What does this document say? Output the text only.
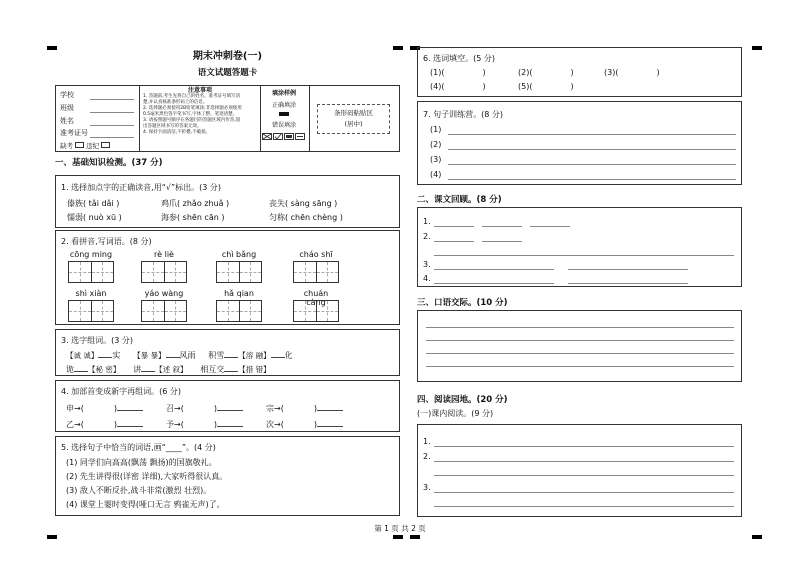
期末冲刺卷(一)
语文试题答题卡
学校
班级
姓名
准考证号
缺考 违纪
注意事项
1. 答题前,考生先将自己的姓名、准考证号填写清
楚,并认真核准条形码上的信息。
2. 选择题必须使用2B铅笔填涂;非选择题必须使用
0.5毫米黑色签字笔书写,字体工整、笔迹清楚。
3. 请按照题号顺序在各题目的答题区域内作答,超
出答题区域书写的答案无效。
4. 保持卡面清洁,不折叠,不破损。
填涂样例
正确填涂
错误填涂
条形码粘贴区
(居中)
一、基础知识检测。(37 分)
1. 选择加点字的正确读音,用“√”标出。(3 分)
傣族( tǎi dǎi )	鸡爪( zhǎo zhuǎ )	丧失( sàng sāng )
懦弱( nuò xū )	海参( shēn cān )	匀称( chēn chèng )
2. 看拼音,写词语。(8 分)
cōng ming	rè liè	chì bǎng	cháo shī
shì xiàn	yáo wàng	hǎ qian	chuán càng
3. 选字组词。(3 分)
【诚 诚】 实 【暴 暴】 风雨 积雪 【溶 融】 化
诡 【秘 密】 讲 【述 叙】 相互交 【措 错】
4. 加部首变成新字再组词。(6 分)
申→(	)	召→(	)	宗→(	)
乙→(	)	予→(	)	次→(	)
5. 选择句子中恰当的词语,画“____”。(4 分)
(1) 同学们向高高(飘荡 飘扬)的国旗敬礼。
(2) 先生讲得很(详密 详细),大家听得很认真。
(3) 敌人不断反扑,战斗非常(激烈 壮烈)。
(4) 课堂上霎时变得(哑口无言 鸦雀无声)了。
第 1 页 共 2 页
6. 选词填空。(5 分)
(1)(	)	(2)(	)	(3)(	)
(4)(	)	(5)(	)
7. 句子训练营。(8 分)
(1)
(2)
(3)
(4)
二、课文回顾。(8 分)
1.
2.
3.
4.
三、口语交际。(10 分)
四、阅读园地。(20 分)
(一)课内阅读。(9 分)
1.
2.
3.
